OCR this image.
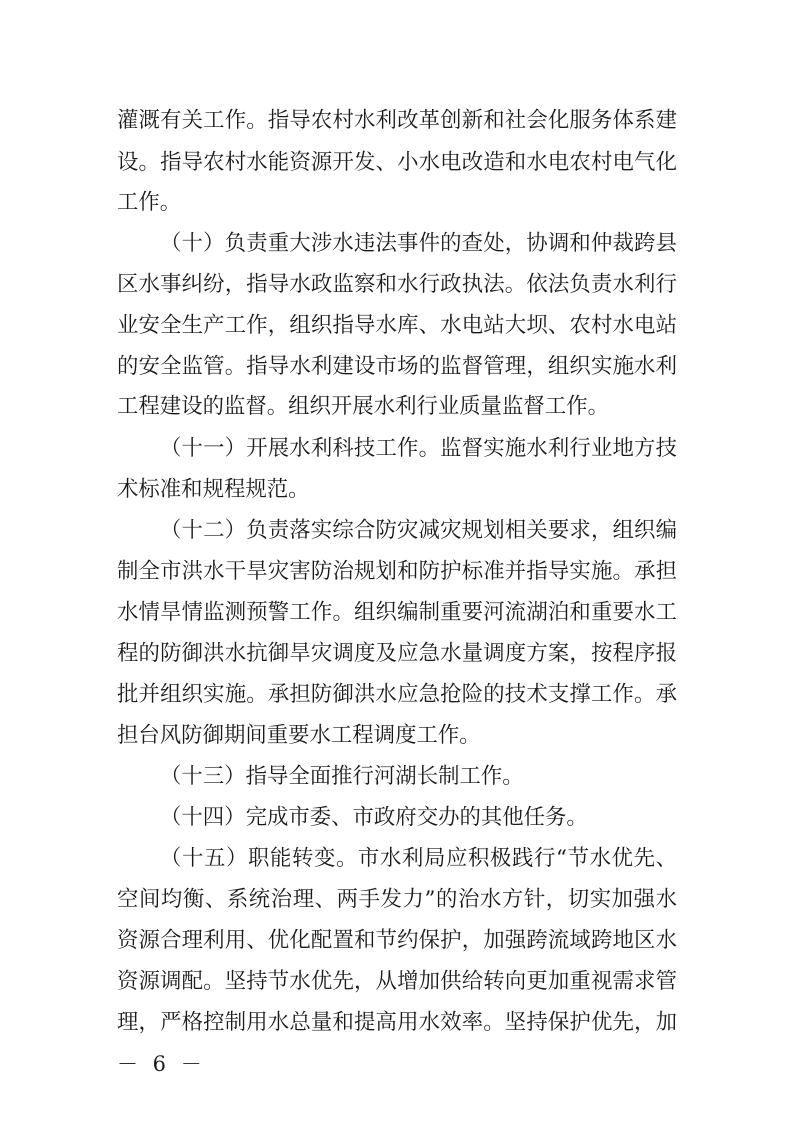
灌溉有关工作。指导农村水利改革创新和社会化服务体系建
设。指导农村水能资源开发、小水电改造和水电农村电气化
工作。
（十）负责重大涉水违法事件的查处，协调和仲裁跨县
区水事纠纷，指导水政监察和水行政执法。依法负责水利行
业安全生产工作，组织指导水库、水电站大坝、农村水电站
的安全监管。指导水利建设市场的监督管理，组织实施水利
工程建设的监督。组织开展水利行业质量监督工作。
（十一）开展水利科技工作。监督实施水利行业地方技
术标准和规程规范。
（十二）负责落实综合防灾减灾规划相关要求，组织编
制全市洪水干旱灾害防治规划和防护标准并指导实施。承担
水情旱情监测预警工作。组织编制重要河流湖泊和重要水工
程的防御洪水抗御旱灾调度及应急水量调度方案，按程序报
批并组织实施。承担防御洪水应急抢险的技术支撑工作。承
担台风防御期间重要水工程调度工作。
（十三）指导全面推行河湖长制工作。
（十四）完成市委、市政府交办的其他任务。
（十五）职能转变。市水利局应积极践行“节水优先、
空间均衡、系统治理、两手发力”的治水方针，切实加强水
资源合理利用、优化配置和节约保护，加强跨流域跨地区水
资源调配。坚持节水优先，从增加供给转向更加重视需求管
理，严格控制用水总量和提高用水效率。坚持保护优先，加
－ 6 －
